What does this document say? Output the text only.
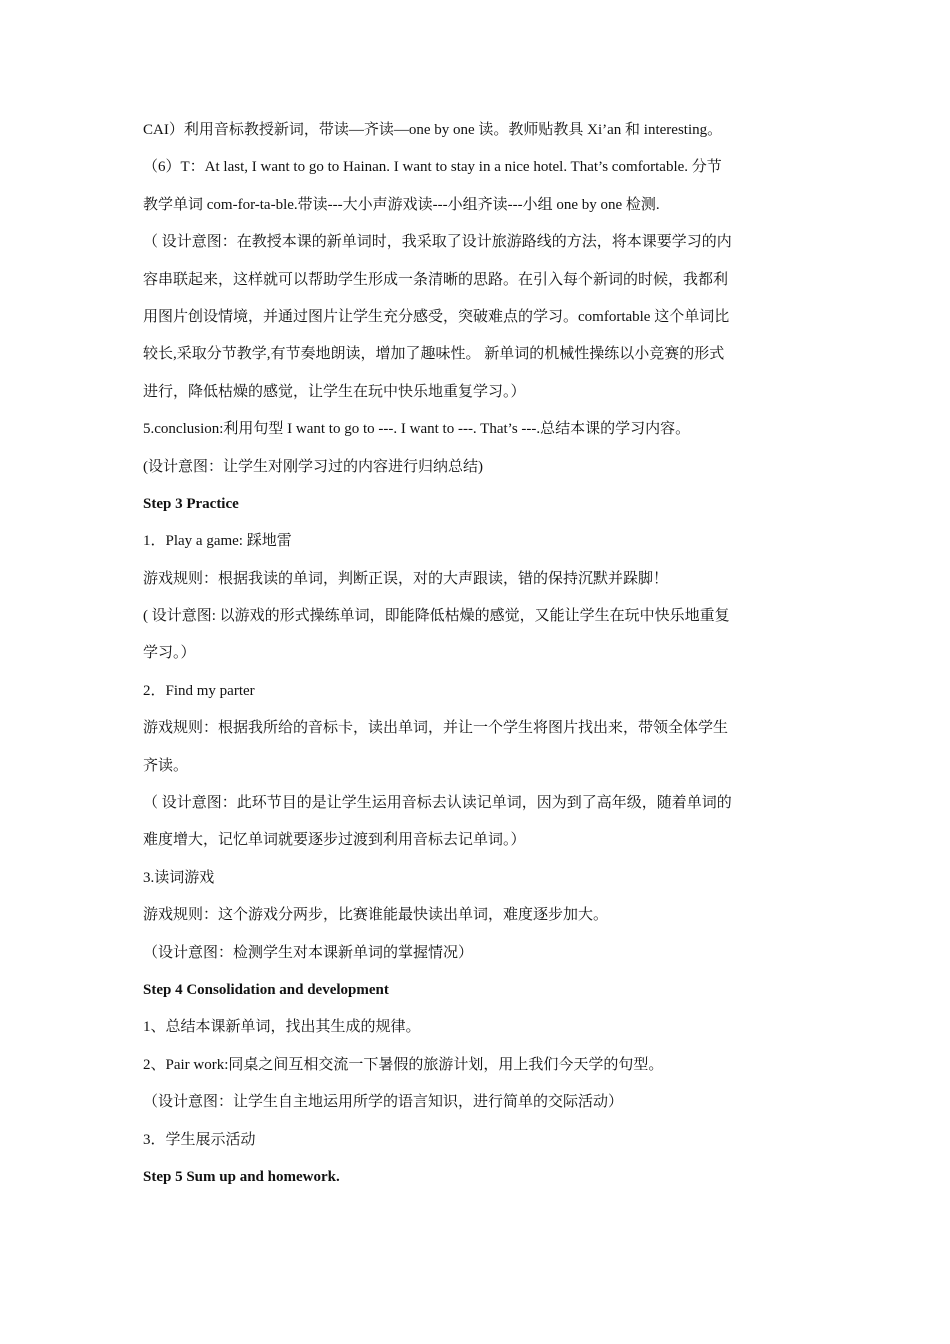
CAI）利用音标教授新词，带读—齐读—one by one 读。教师贴教具 Xi’an 和 interesting。
（6）T：At last, I want to go to Hainan. I want to stay in a nice hotel. That’s comfortable. 分节
教学单词 com-for-ta-ble.带读---大小声游戏读---小组齐读---小组 one by one 检测.
（ 设计意图：在教授本课的新单词时，我采取了设计旅游路线的方法，将本课要学习的内
容串联起来，这样就可以帮助学生形成一条清晰的思路。在引入每个新词的时候，我都利
用图片创设情境，并通过图片让学生充分感受，突破难点的学习。comfortable 这个单词比
较长,采取分节教学,有节奏地朗读，增加了趣味性。 新单词的机械性操练以小竞赛的形式
进行，降低枯燥的感觉，让学生在玩中快乐地重复学习。）
5.conclusion:利用句型 I want to go to ---. I want to ---. That’s ---.总结本课的学习内容。
(设计意图：让学生对刚学习过的内容进行归纳总结)
Step 3 Practice
1．Play a game: 踩地雷
游戏规则：根据我读的单词，判断正误，对的大声跟读，错的保持沉默并跺脚！
( 设计意图: 以游戏的形式操练单词，即能降低枯燥的感觉，又能让学生在玩中快乐地重复
学习。）
2．Find my parter
游戏规则：根据我所给的音标卡，读出单词，并让一个学生将图片找出来，带领全体学生
齐读。
（ 设计意图：此环节目的是让学生运用音标去认读记单词，因为到了高年级，随着单词的
难度增大，记忆单词就要逐步过渡到利用音标去记单词。）
3.读词游戏
游戏规则：这个游戏分两步，比赛谁能最快读出单词，难度逐步加大。
（设计意图：检测学生对本课新单词的掌握情况）
Step 4 Consolidation and development
1、总结本课新单词，找出其生成的规律。
2、Pair work:同桌之间互相交流一下暑假的旅游计划，用上我们今天学的句型。
（设计意图：让学生自主地运用所学的语言知识，进行简单的交际活动）
3．学生展示活动
Step 5 Sum up and homework.
